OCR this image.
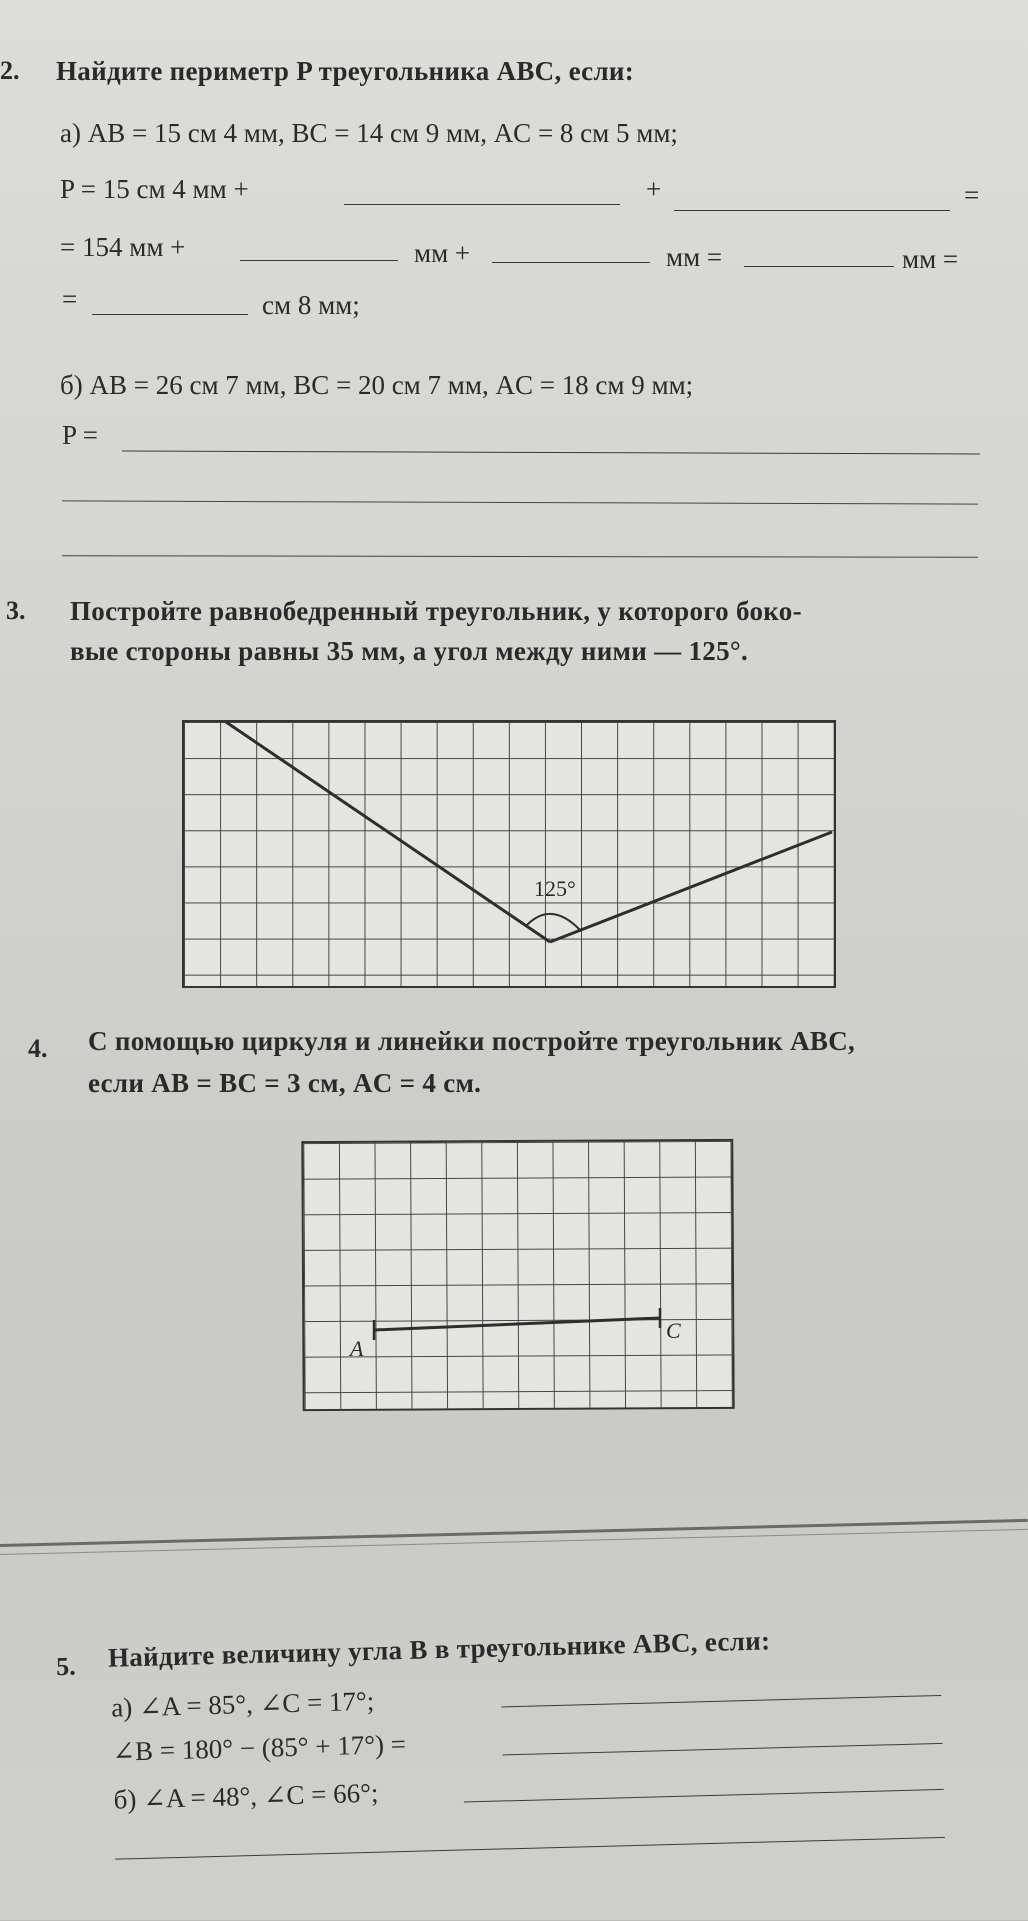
2. Найдите периметр P треугольника ABC, если:
а) AB = 15 см 4 мм, BC = 14 см 9 мм, AC = 8 см 5 мм;
P = 15 см 4 мм +	+	=
= 154 мм +	мм +	мм =	мм =
=	см 8 мм;
б) AB = 26 см 7 мм, BC = 20 см 7 мм, AC = 18 см 9 мм;
P =
3. Постройте равнобедренный треугольник, у которого боко-
вые стороны равны 35 мм, а угол между ними — 125°.
125°
4. С помощью циркуля и линейки постройте треугольник ABC,
если AB = BC = 3 см, AC = 4 см.
A
C
5. Найдите величину угла B в треугольнике ABC, если:
а) ∠A = 85°, ∠C = 17°;
∠B = 180° − (85° + 17°) =
б) ∠A = 48°, ∠C = 66°;
